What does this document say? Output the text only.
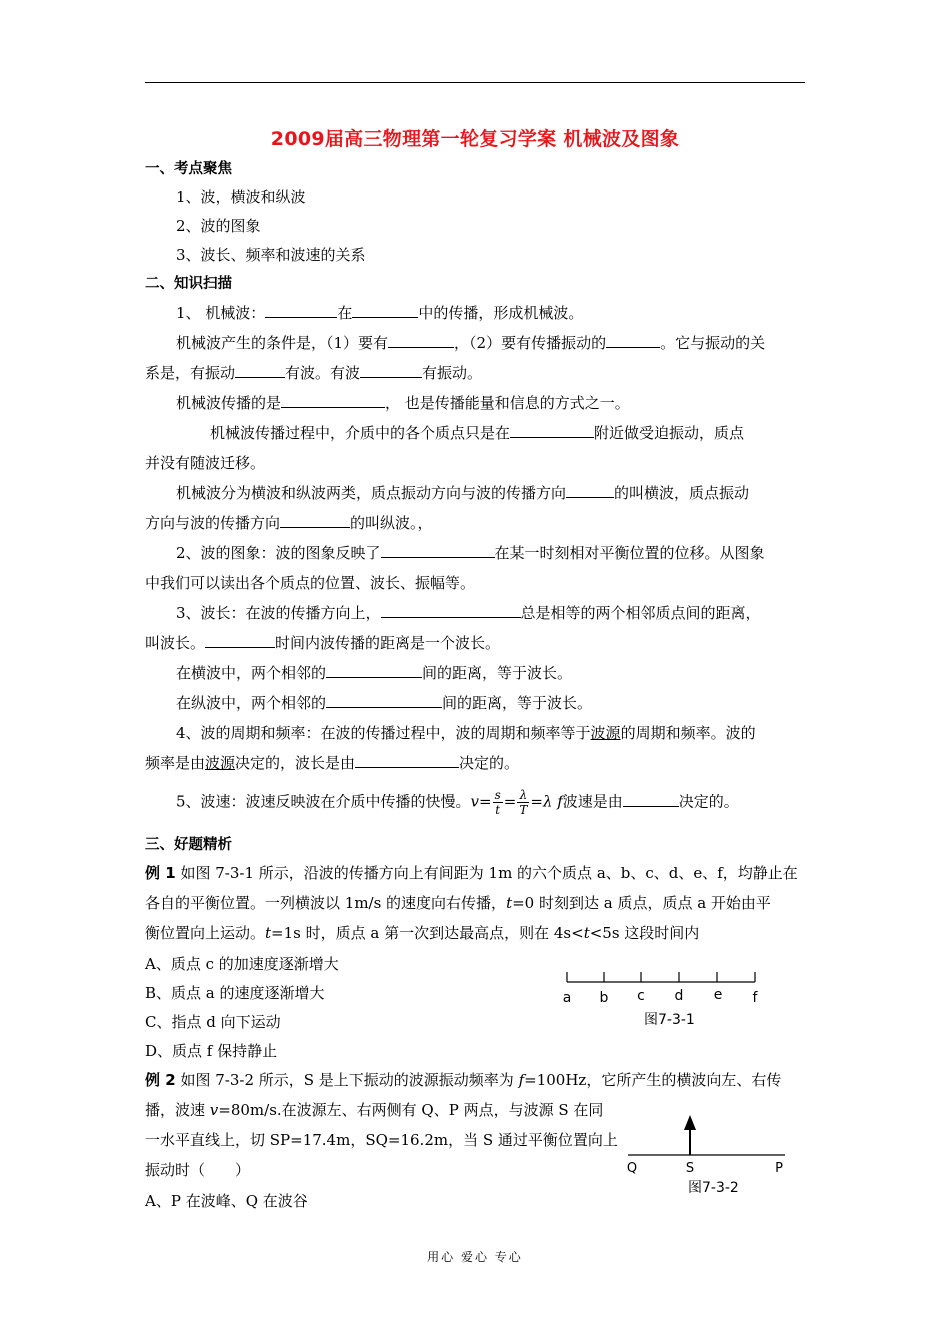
2009届高三物理第一轮复习学案 机械波及图象
一、考点聚焦
1、波，横波和纵波
2、波的图象
3、波长、频率和波速的关系
二、知识扫描
1、 机械波：	在	中的传播，形成机械波。
机械波产生的条件是，（1）要有	，（2）要有传播振动的	。它与振动的关
系是，有振动	有波。有波	有振动。
机械波传播的是	， 也是传播能量和信息的方式之一。
机械波传播过程中，介质中的各个质点只是在	附近做受迫振动，质点
并没有随波迁移。
机械波分为横波和纵波两类，质点振动方向与波的传播方向	的叫横波，质点振动
方向与波的传播方向	的叫纵波。，
2、波的图象：波的图象反映了	在某一时刻相对平衡位置的位移。从图象
中我们可以读出各个质点的位置、波长、振幅等。
3、波长：在波的传播方向上，	总是相等的两个相邻质点间的距离，
叫波长。	时间内波传播的距离是一个波长。
在横波中，两个相邻的	间的距离，等于波长。
在纵波中，两个相邻的	间的距离，等于波长。
4、波的周期和频率：在波的传播过程中，波的周期和频率等于波源的周期和频率。波的
频率是由波源决定的，波长是由	决定的。
5、波速：波速反映波在介质中传播的快慢。$v= \frac{s}{t} = \frac{\lambda}{T} =\lambda$ f波速是由	决定的。
三、好题精析
例 1 如图 7-3-1 所示，沿波的传播方向上有间距为 1m 的六个质点 a、b、c、d、e、f，均静止在
各自的平衡位置。一列横波以 1m/s 的速度向右传播，t=0 时刻到达 a 质点，质点 a 开始由平
衡位置向上运动。t=1s 时，质点 a 第一次到达最高点，则在 4s<t<5s 这段时间内
A、质点 c 的加速度逐渐增大
B、质点 a 的速度逐渐增大
C、指点 d 向下运动
D、质点 f 保持静止
a b c d e f
图7-3-1
例 2 如图 7-3-2 所示，S 是上下振动的波源振动频率为 f=100Hz，它所产生的横波向左、右传
播，波速 v=80m/s.在波源左、右两侧有 Q、P 两点，与波源 S 在同
一水平直线上，切 SP=17.4m，SQ=16.2m，当 S 通过平衡位置向上
振动时（　　）
A、P 在波峰、Q 在波谷
Q	S	P
图7-3-2
用心 爱心 专心
